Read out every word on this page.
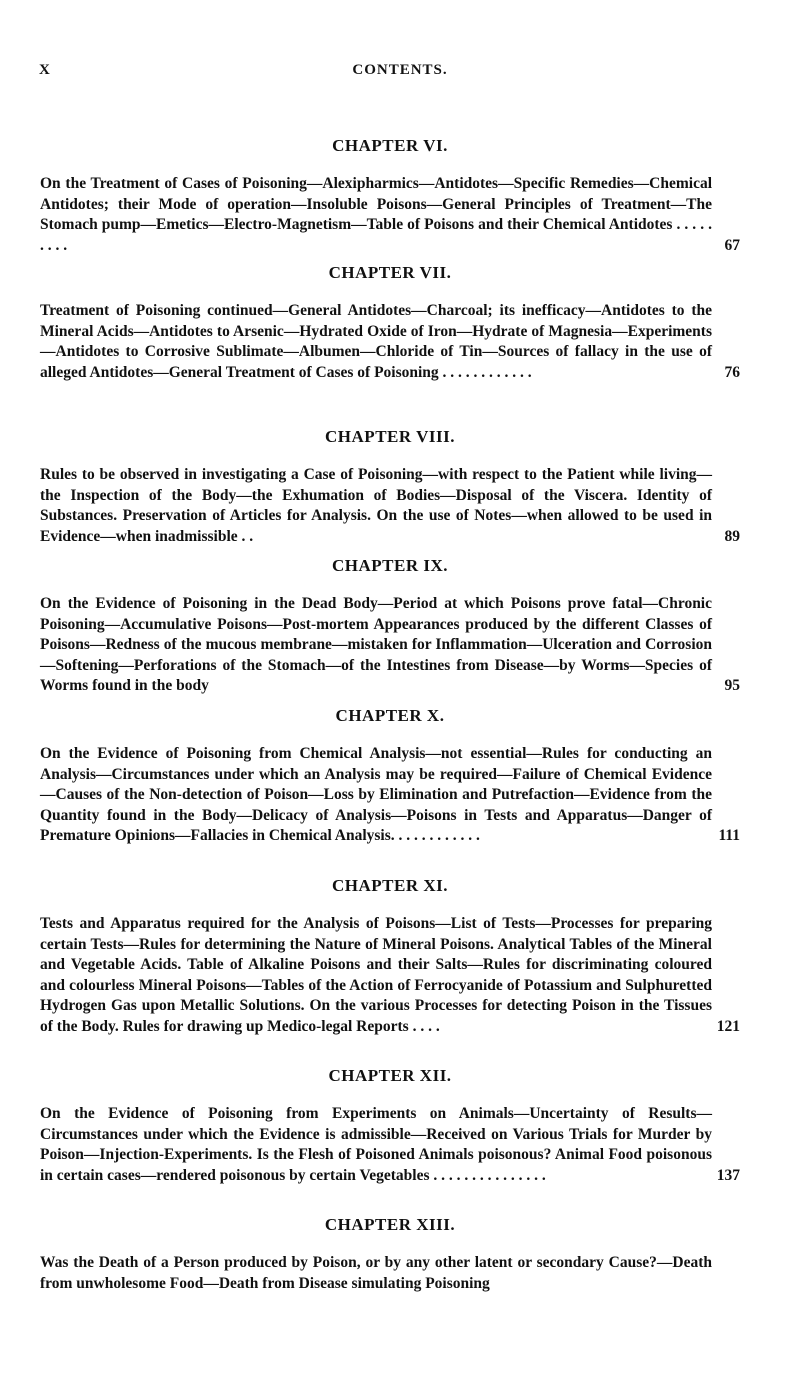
X	CONTENTS.
CHAPTER VI.

On the Treatment of Cases of Poisoning—Alexipharmics—Antidotes—Specific Remedies—Chemical Antidotes; their Mode of operation—Insoluble Poisons—General Principles of Treatment—The Stomach pump—Emetics—Electro-Magnetism—Table of Poisons and their Chemical Antidotes . . . . . . . . .	67

CHAPTER VII.

Treatment of Poisoning continued—General Antidotes—Charcoal; its inefficacy—Antidotes to the Mineral Acids—Antidotes to Arsenic—Hydrated Oxide of Iron—Hydrate of Magnesia—Experiments—Antidotes to Corrosive Sublimate—Albumen—Chloride of Tin—Sources of fallacy in the use of alleged Antidotes—General Treatment of Cases of Poisoning . . . . . . . . . . . .	76

CHAPTER VIII.

Rules to be observed in investigating a Case of Poisoning—with respect to the Patient while living—the Inspection of the Body—the Exhumation of Bodies—Disposal of the Viscera. Identity of Substances. Preservation of Articles for Analysis. On the use of Notes—when allowed to be used in Evidence—when inadmissible . .	89

CHAPTER IX.

On the Evidence of Poisoning in the Dead Body—Period at which Poisons prove fatal—Chronic Poisoning—Accumulative Poisons—Post-mortem Appearances produced by the different Classes of Poisons—Redness of the mucous membrane—mistaken for Inflammation—Ulceration and Corrosion—Softening—Perforations of the Stomach—of the Intestines from Disease—by Worms—Species of Worms found in the body	95

CHAPTER X.

On the Evidence of Poisoning from Chemical Analysis—not essential—Rules for conducting an Analysis—Circumstances under which an Analysis may be required—Failure of Chemical Evidence—Causes of the Non-detection of Poison—Loss by Elimination and Putrefaction—Evidence from the Quantity found in the Body—Delicacy of Analysis—Poisons in Tests and Apparatus—Danger of Premature Opinions—Fallacies in Chemical Analysis. . . . . . . . . . . .	111

CHAPTER XI.

Tests and Apparatus required for the Analysis of Poisons—List of Tests—Processes for preparing certain Tests—Rules for determining the Nature of Mineral Poisons. Analytical Tables of the Mineral and Vegetable Acids. Table of Alkaline Poisons and their Salts—Rules for discriminating coloured and colourless Mineral Poisons—Tables of the Action of Ferrocyanide of Potassium and Sulphuretted Hydrogen Gas upon Metallic Solutions. On the various Processes for detecting Poison in the Tissues of the Body. Rules for drawing up Medico-legal Reports . . . .	121

CHAPTER XII.

On the Evidence of Poisoning from Experiments on Animals—Uncertainty of Results—Circumstances under which the Evidence is admissible—Received on Various Trials for Murder by Poison—Injection-Experiments. Is the Flesh of Poisoned Animals poisonous? Animal Food poisonous in certain cases—rendered poisonous by certain Vegetables . . . . . . . . . . . . . . .	137

CHAPTER XIII.

Was the Death of a Person produced by Poison, or by any other latent or secondary Cause?—Death from unwholesome Food—Death from Disease simulating Poisoning
